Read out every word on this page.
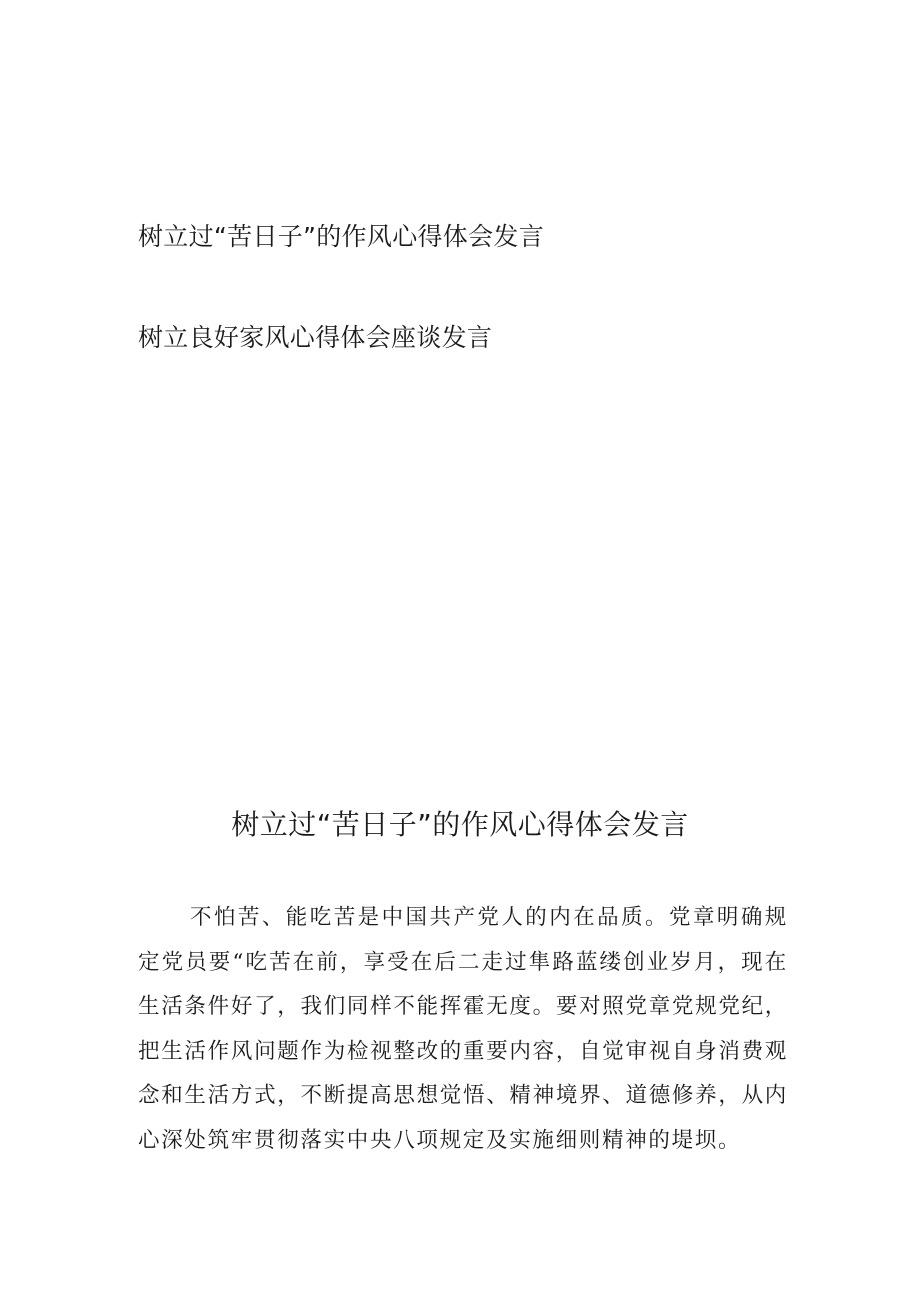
树立过“苦日子”的作风心得体会发言
树立良好家风心得体会座谈发言
树立过“苦日子”的作风心得体会发言

不怕苦、能吃苦是中国共产党人的内在品质。党章明确规定党员要“吃苦在前，享受在后二走过隼路蓝缕创业岁月，现在生活条件好了，我们同样不能挥霍无度。要对照党章党规党纪，把生活作风问题作为检视整改的重要内容，自觉审视自身消费观念和生活方式，不断提高思想觉悟、精神境界、道德修养，从内心深处筑牢贯彻落实中央八项规定及实施细则精神的堤坝。
